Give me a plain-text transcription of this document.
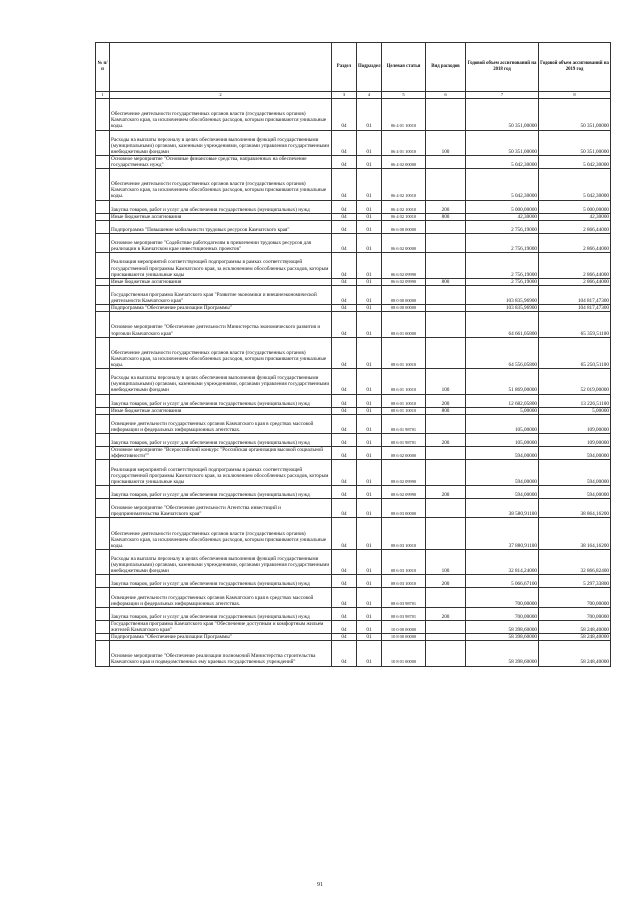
№ п/п		Раздел	Подраздел	Целевая статья	Вид расходов	Годовой объем ассигнований на 2018 год	Годовой объем ассигнований на 2019 год
1	2	3	4	5	6	7	8
	Обеспечение деятельности государственных органов власти (государственных органов) Камчатского края, за исключением обособленных расходов, которым присваиваются уникальные коды.	04	01	06 4 01 10010		50 351,00000	50 351,00000
	Расходы на выплаты персоналу в целях обеспечения выполнения функций государственными (муниципальными) органами, казенными учреждениями, органами управления государственными внебюджетными фондами	04	01	06 4 01 10010	100	50 351,00000	50 351,00000
	Основное мероприятие "Основные финансовые средства, направленных на обеспечение государственных нужд"	04	01	06 4 02 00000		5 042,30000	5 042,30000
	Обеспечение деятельности государственных органов власти (государственных органов) Камчатского края, за исключением обособленных расходов, которым присваиваются уникальные коды.	04	01	06 4 02 10010		5 042,30000	5 042,30000
	Закупка товаров, работ и услуг для обеспечения государственных (муниципальных) нужд	04	01	06 4 02 10010	200	5 000,00000	5 000,00000
	Иные бюджетные ассигнования	04	01	06 4 02 10010	800	42,30000	42,30000
	Подпрограмма "Повышение мобильности трудовых ресурсов Камчатского края"	04	01	06 6 00 00000		2 756,19000	2 866,44000
	Основное мероприятие "Содействие работодателям в привлечении трудовых ресурсов для реализации в Камчатском крае инвестиционных проектов"	04	01	06 6 02 00000		2 756,19000	2 866,44000
	Реализация мероприятий соответствующей подпрограммы в рамках соответствующей государственной программы Камчатского края, за исключением обособленных расходов, которым присваиваются уникальные коды	04	01	06 6 02 09990		2 756,19000	2 866,44000
	Иные бюджетные ассигнования	04	01	06 6 02 09990	800	2 756,19000	2 866,44000
	Государственная программа Камчатского края "Развитие экономики и внешнеэкономической деятельности Камчатского края"	04	01	08 0 00 00000		103 835,96900	104 817,47300
	Подпрограмма "Обеспечение реализации Программы"	04	01	08 6 00 00000		103 835,96900	104 817,47300
	Основное мероприятие "Обеспечение деятельности Министерства экономического развития и торговли Камчатского края"	04	01	08 6 01 00000		64 661,05800	65 359,51100
	Обеспечение деятельности государственных органов власти (государственных органов) Камчатского края, за исключением обособленных расходов, которым присваиваются уникальные коды.	04	01	08 6 01 10010		64 556,05800	65 250,51100
	Расходы на выплаты персоналу в целях обеспечения выполнения функций государственными (муниципальными) органами, казенными учреждениями, органами управления государственными внебюджетными фондами	04	01	08 6 01 10010	100	51 869,00000	52 019,00000
	Закупка товаров, работ и услуг для обеспечения государственных (муниципальных) нужд	04	01	08 6 01 10010	200	12 682,05800	13 226,51100
	Иные бюджетные ассигнования	04	01	08 6 01 10010	800	5,00000	5,00000
	Освещение деятельности государственных органов Камчатского края в средствах массовой информации и федеральных информационных агентствах.	04	01	08 6 01 98701		105,00000	109,00000
	Закупка товаров, работ и услуг для обеспечения государственных (муниципальных) нужд	04	01	08 6 01 98701	200	105,00000	109,00000
	Основное мероприятие "Всероссийский конкурс "Российская организация высокой социальной эффективности""	04	01	08 6 02 00000		594,00000	594,00000
	Реализация мероприятий соответствующей подпрограммы в рамках соответствующей государственной программы Камчатского края, за исключением обособленных расходов, которым присваиваются уникальные коды	04	01	08 6 02 09990		594,00000	594,00000
	Закупка товаров, работ и услуг для обеспечения государственных (муниципальных) нужд	04	01	08 6 02 09990	200	594,00000	594,00000
	Основное мероприятие "Обеспечение деятельности Агентства инвестиций и предпринимательства Камчатского края"	04	01	08 6 03 00000		38 580,91100	38 864,16200
	Обеспечение деятельности государственных органов власти (государственных органов) Камчатского края, за исключением обособленных расходов, которым присваиваются уникальные коды.	04	01	08 6 03 10010		37 880,91100	38 164,16200
	Расходы на выплаты персоналу в целях обеспечения выполнения функций государственными (муниципальными) органами, казенными учреждениями, органами управления государственными внебюджетными фондами	04	01	08 6 03 10010	100	32 814,24000	32 866,82400
	Закупка товаров, работ и услуг для обеспечения государственных (муниципальных) нужд	04	01	08 6 03 10010	200	5 066,67100	5 297,33800
	Освещение деятельности государственных органов Камчатского края в средствах массовой информации и федеральных информационных агентствах.	04	01	08 6 03 98701		700,00000	700,00000
	Закупка товаров, работ и услуг для обеспечения государственных (муниципальных) нужд	04	01	08 6 03 98701	200	700,00000	700,00000
	Государственная программа Камчатского края "Обеспечение доступным и комфортным жильем жителей Камчатского края"	04	01	10 0 00 00000		58 398,60000	58 248,40000
	Подпрограмма "Обеспечение реализации Программы"	04	01	10 8 00 00000		58 398,60000	58 248,40000
	Основное мероприятие "Обеспечение реализации полномочий Министерства строительства Камчатского края и подведомственных ему краевых государственных учреждений"	04	01	10 8 01 00000		58 398,60000	58 248,40000
91
